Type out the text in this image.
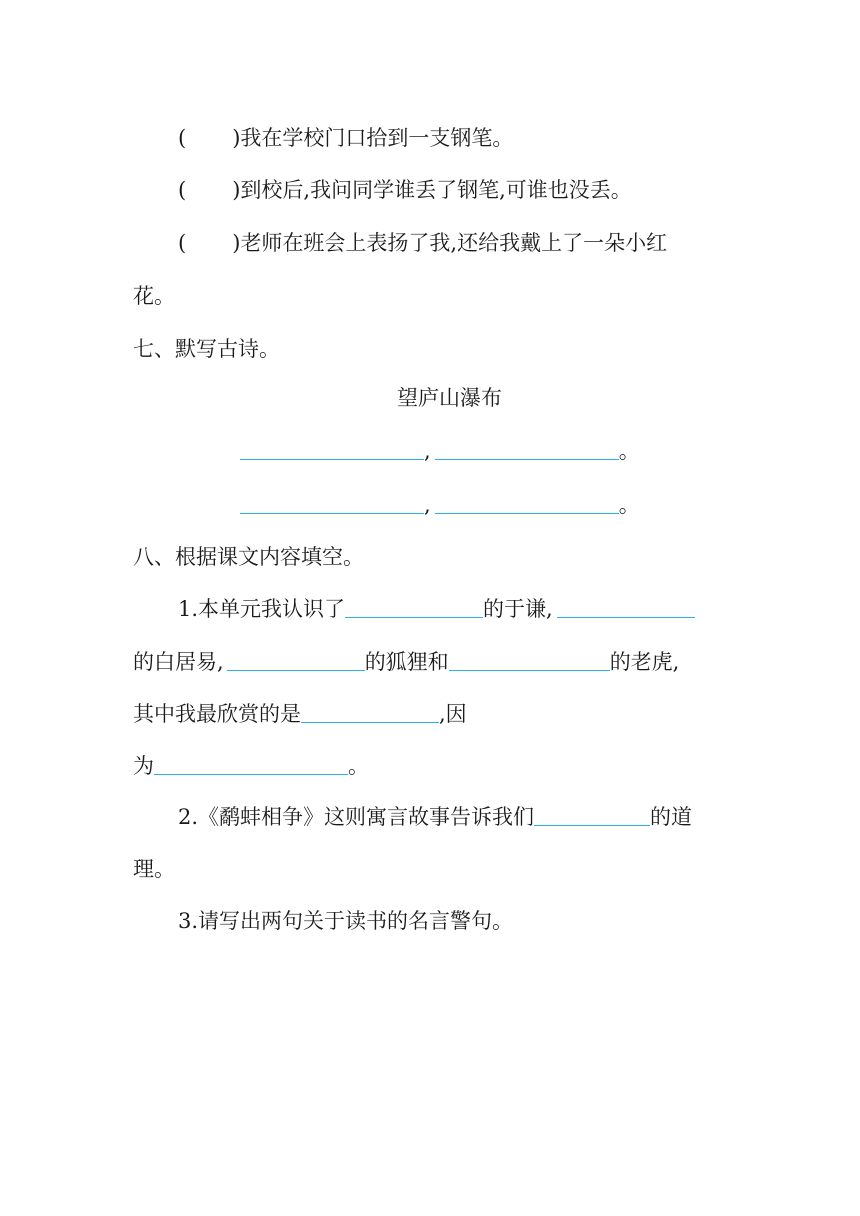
( )我在学校门口拾到一支钢笔。
( )到校后,我问同学谁丢了钢笔,可谁也没丢。
( )老师在班会上表扬了我,还给我戴上了一朵小红
花。
七、默写古诗。
望庐山瀑布
,	。
,	。
八、根据课文内容填空。
1.本单元我认识了	的于谦,
的白居易,	的狐狸和	的老虎,
其中我最欣赏的是	,因
为	。
2.《鹬蚌相争》这则寓言故事告诉我们	的道
理。
3.请写出两句关于读书的名言警句。
